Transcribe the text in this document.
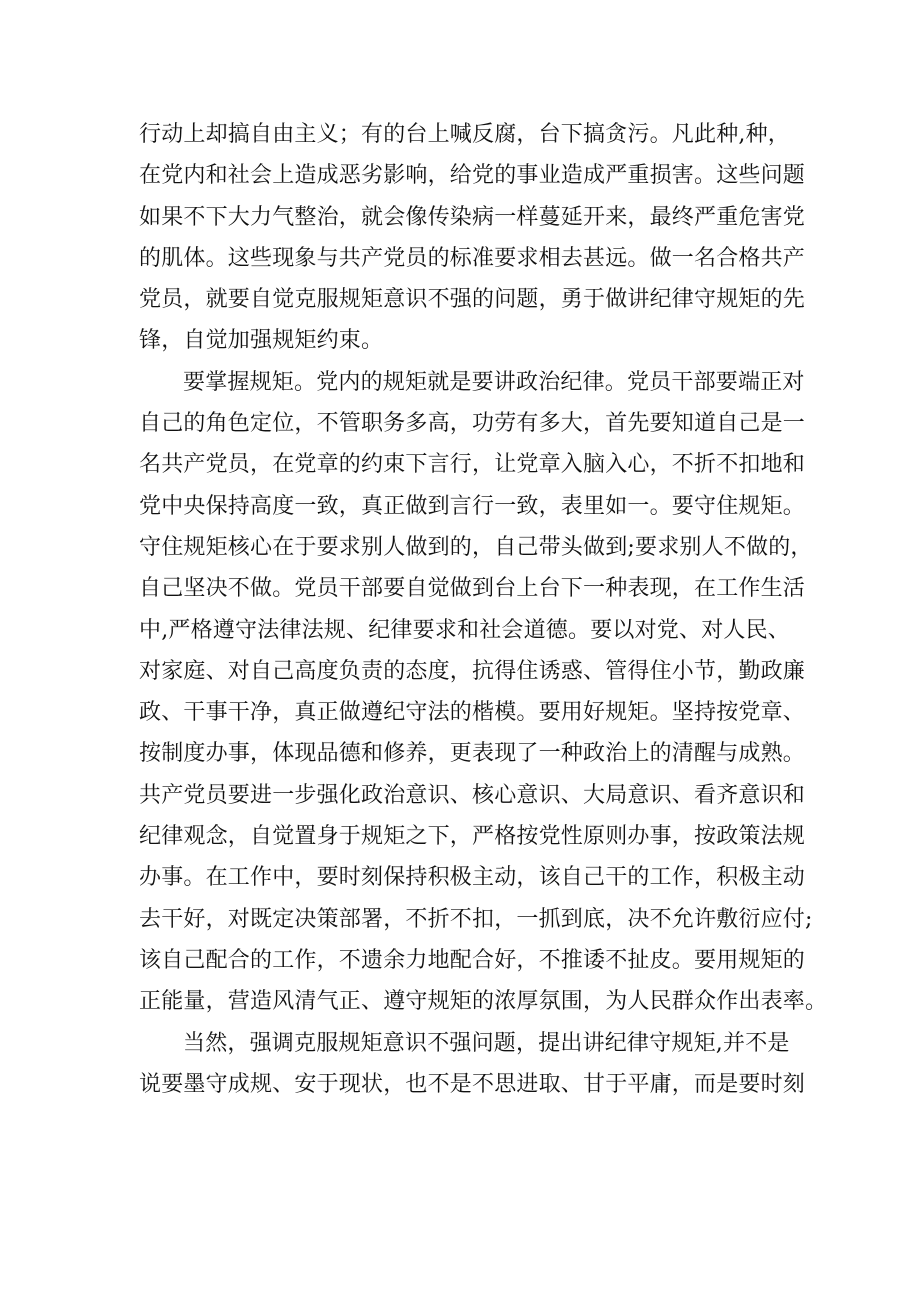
行动上却搞自由主义；有的台上喊反腐，台下搞贪污。凡此种,种，
在党内和社会上造成恶劣影响，给党的事业造成严重损害。这些问题
如果不下大力气整治，就会像传染病一样蔓延开来，最终严重危害党
的肌体。这些现象与共产党员的标准要求相去甚远。做一名合格共产
党员，就要自觉克服规矩意识不强的问题，勇于做讲纪律守规矩的先
锋，自觉加强规矩约束。
要掌握规矩。党内的规矩就是要讲政治纪律。党员干部要端正对
自己的角色定位，不管职务多高，功劳有多大，首先要知道自己是一
名共产党员，在党章的约束下言行，让党章入脑入心，不折不扣地和
党中央保持高度一致，真正做到言行一致，表里如一。要守住规矩。
守住规矩核心在于要求别人做到的，自己带头做到;要求别人不做的，
自己坚决不做。党员干部要自觉做到台上台下一种表现，在工作生活
中,严格遵守法律法规、纪律要求和社会道德。要以对党、对人民、
对家庭、对自己高度负责的态度，抗得住诱惑、管得住小节，勤政廉
政、干事干净，真正做遵纪守法的楷模。要用好规矩。坚持按党章、
按制度办事，体现品德和修养，更表现了一种政治上的清醒与成熟。
共产党员要进一步强化政治意识、核心意识、大局意识、看齐意识和
纪律观念，自觉置身于规矩之下，严格按党性原则办事，按政策法规
办事。在工作中，要时刻保持积极主动，该自己干的工作，积极主动
去干好，对既定决策部署，不折不扣，一抓到底，决不允许敷衍应付;
该自己配合的工作，不遗余力地配合好，不推诿不扯皮。要用规矩的
正能量，营造风清气正、遵守规矩的浓厚氛围，为人民群众作出表率。
当然，强调克服规矩意识不强问题，提出讲纪律守规矩,并不是
说要墨守成规、安于现状，也不是不思进取、甘于平庸，而是要时刻
